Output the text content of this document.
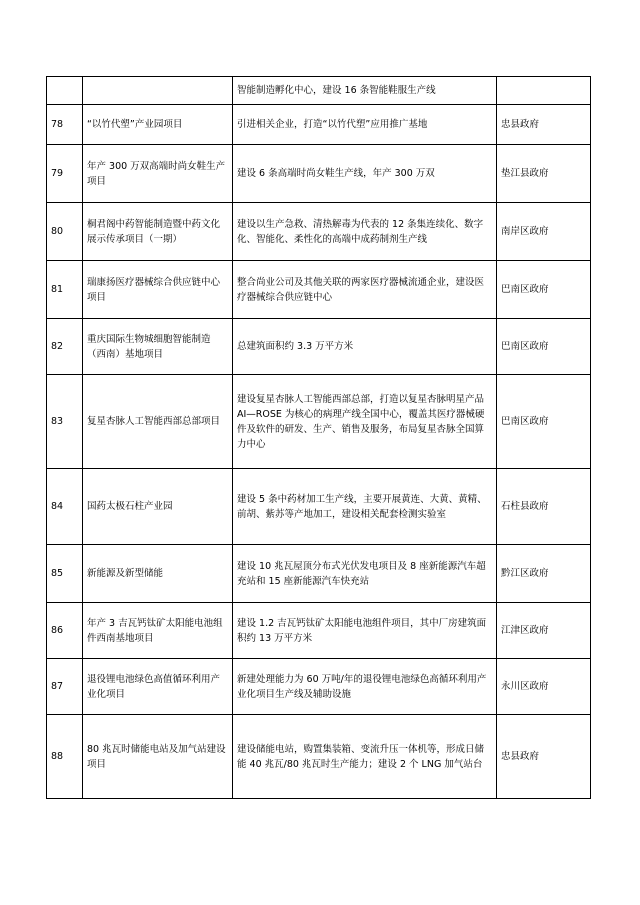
		智能制造孵化中心，建设 16 条智能鞋服生产线	
78	“以竹代塑”产业园项目	引进相关企业，打造“以竹代塑”应用推广基地	忠县政府
79	年产 300 万双高端时尚女鞋生产项目	建设 6 条高端时尚女鞋生产线，年产 300 万双	垫江县政府
80	桐君阁中药智能制造暨中药文化展示传承项目（一期）	建设以生产急救、清热解毒为代表的 12 条集连续化、数字化、智能化、柔性化的高端中成药制剂生产线	南岸区政府
81	瑞康扬医疗器械综合供应链中心项目	整合尚业公司及其他关联的两家医疗器械流通企业，建设医疗器械综合供应链中心	巴南区政府
82	重庆国际生物城细胞智能制造（西南）基地项目	总建筑面积约 3.3 万平方米	巴南区政府
83	复星杏脉人工智能西部总部项目	建设复星杏脉人工智能西部总部，打造以复星杏脉明星产品 AI—ROSE 为核心的病理产线全国中心，覆盖其医疗器械硬件及软件的研发、生产、销售及服务，布局复星杏脉全国算力中心	巴南区政府
84	国药太极石柱产业园	建设 5 条中药材加工生产线，主要开展黄连、大黄、黄精、前胡、紫苏等产地加工，建设相关配套检测实验室	石柱县政府
85	新能源及新型储能	建设 10 兆瓦屋顶分布式光伏发电项目及 8 座新能源汽车超充站和 15 座新能源汽车快充站	黔江区政府
86	年产 3 吉瓦钙钛矿太阳能电池组件西南基地项目	建设 1.2 吉瓦钙钛矿太阳能电池组件项目，其中厂房建筑面积约 13 万平方米	江津区政府
87	退役锂电池绿色高值循环利用产业化项目	新建处理能力为 60 万吨/年的退役锂电池绿色高循环利用产业化项目生产线及辅助设施	永川区政府
88	80 兆瓦时储能电站及加气站建设项目	建设储能电站，购置集装箱、变流升压一体机等，形成日储能 40 兆瓦/80 兆瓦时生产能力；建设 2 个 LNG 加气站台	忠县政府
